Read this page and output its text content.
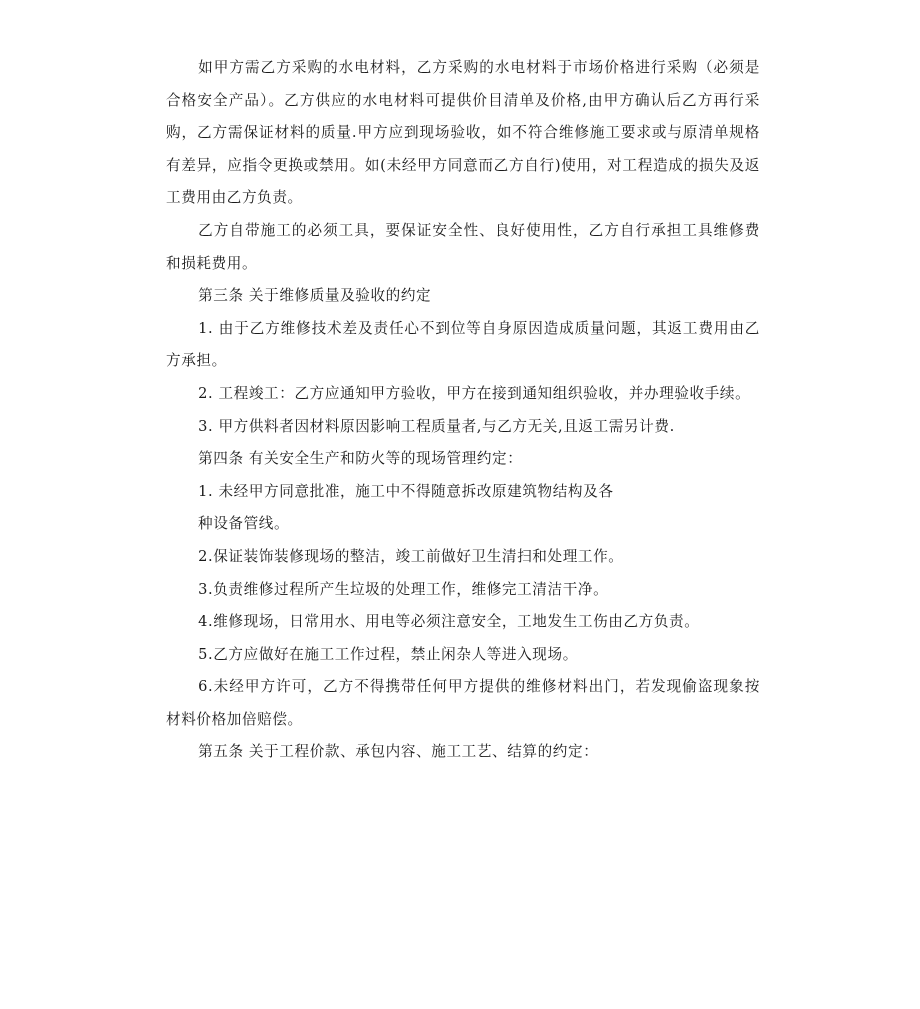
如甲方需乙方采购的水电材料，乙方采购的水电材料于市场价格进行采购（必须是合格安全产品）。乙方供应的水电材料可提供价目清单及价格,由甲方确认后乙方再行采购，乙方需保证材料的质量.甲方应到现场验收，如不符合维修施工要求或与原清单规格有差异，应指令更换或禁用。如(未经甲方同意而乙方自行)使用，对工程造成的损失及返工费用由乙方负责。

乙方自带施工的必须工具，要保证安全性、良好使用性，乙方自行承担工具维修费和损耗费用。

第三条 关于维修质量及验收的约定

1. 由于乙方维修技术差及责任心不到位等自身原因造成质量问题，其返工费用由乙方承担。

2. 工程竣工：乙方应通知甲方验收，甲方在接到通知组织验收，并办理验收手续。

3. 甲方供料者因材料原因影响工程质量者,与乙方无关,且返工需另计费.

第四条 有关安全生产和防火等的现场管理约定：

1. 未经甲方同意批准，施工中不得随意拆改原建筑物结构及各

种设备管线。

2.保证装饰装修现场的整洁，竣工前做好卫生清扫和处理工作。

3.负责维修过程所产生垃圾的处理工作，维修完工清洁干净。

4.维修现场，日常用水、用电等必须注意安全，工地发生工伤由乙方负责。

5.乙方应做好在施工工作过程，禁止闲杂人等进入现场。

6.未经甲方许可，乙方不得携带任何甲方提供的维修材料出门，若发现偷盗现象按材料价格加倍赔偿。

第五条 关于工程价款、承包内容、施工工艺、结算的约定：
